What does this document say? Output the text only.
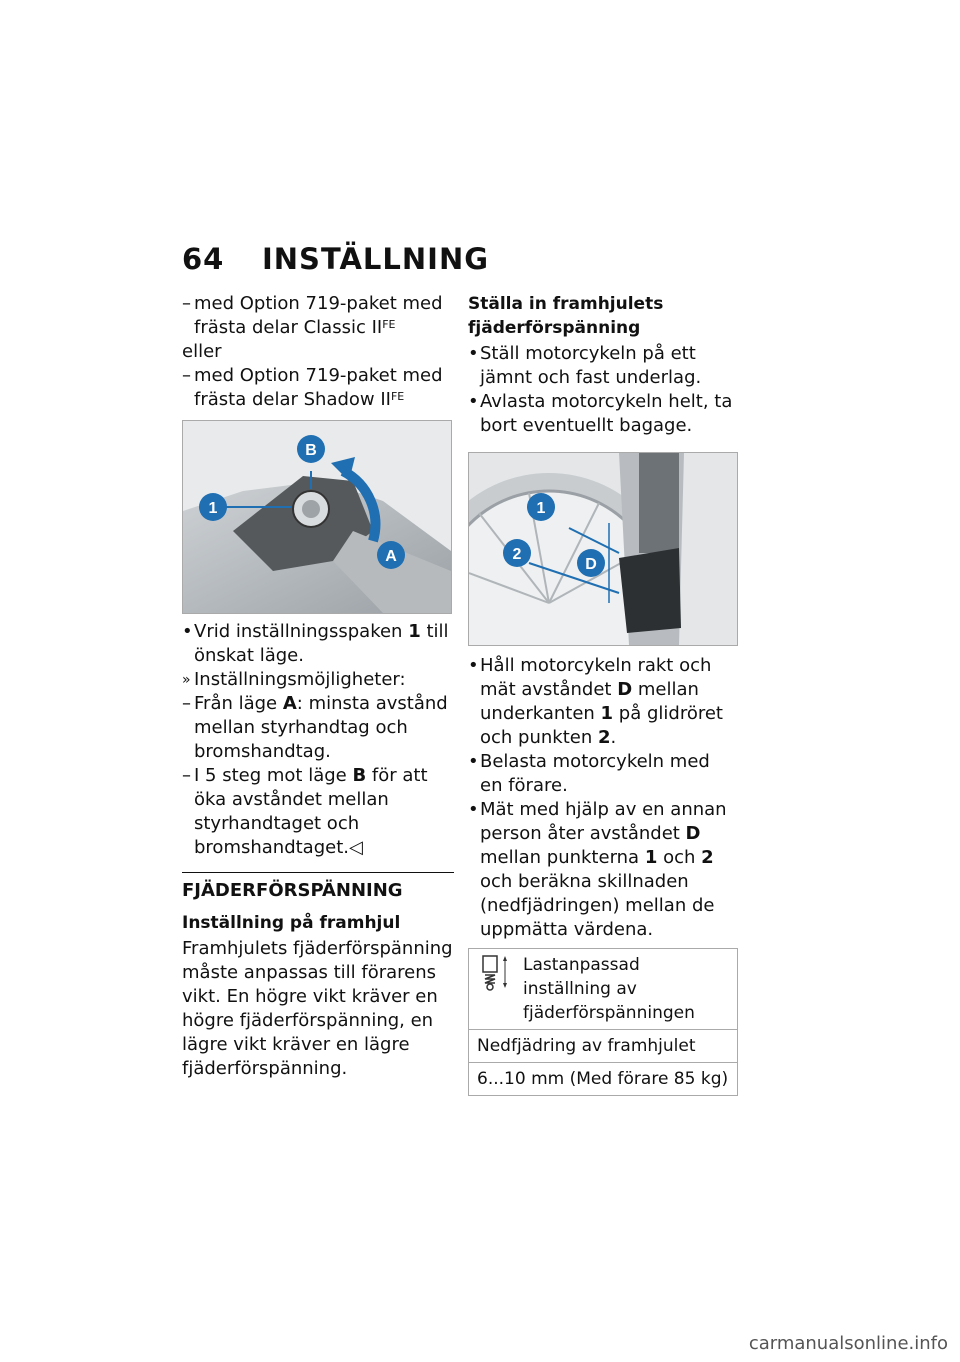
64 INSTÄLLNING

– med Option 719-paket med frästa delar Classic $II^{FE}$

eller

– med Option 719-paket med frästa delar Shadow $II^{FE}$

1
B
A

• Vrid inställningsspaken 1 till önskat läge.

» Inställningsmöjligheter:

– Från läge A: minsta avstånd mellan styrhandtag och bromshandtag.

– I 5 steg mot läge B för att öka avståndet mellan styrhandtaget och bromshandtaget.◁

FJÄDERFÖRSPÄNNING
Inställning på framhjul

Framhjulets fjäderförspänning måste anpassas till förarens vikt. En högre vikt kräver en högre fjäderförspänning, en lägre vikt kräver en lägre fjäderförspänning.

Ställa in framhjulets fjäderförspänning

• Ställ motorcykeln på ett jämnt och fast underlag.

• Avlasta motorcykeln helt, ta bort eventuellt bagage.

1
2
D

• Håll motorcykeln rakt och mät avståndet D mellan underkanten 1 på glidröret och punkten 2.

• Belasta motorcykeln med en förare.

• Mät med hjälp av en annan person åter avståndet D mellan punkterna 1 och 2 och beräkna skillnaden (nedfjädringen) mellan de uppmätta värdena.

Lastanpassad inställning av fjäderförspänningen
Nedfjädring av framhjulet
6...10 mm (Med förare 85 kg)
carmanualsonline.info
